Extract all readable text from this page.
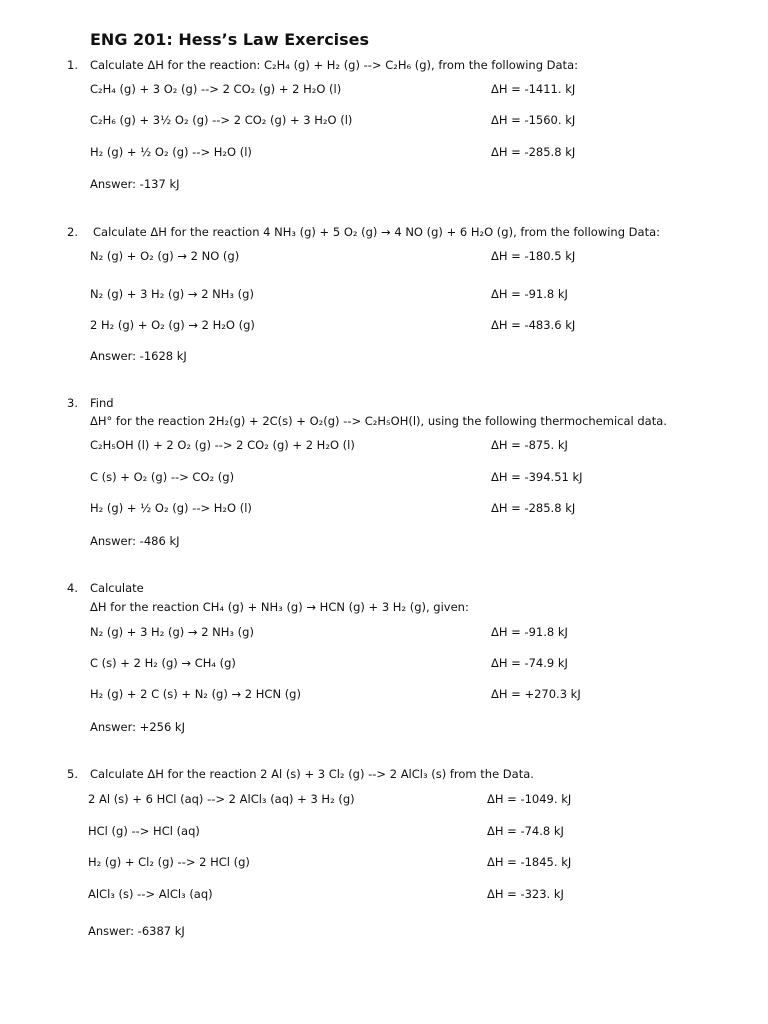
ENG 201: Hess’s Law Exercises
1. Calculate ΔH for the reaction: C₂H₄ (g) + H₂ (g) --> C₂H₆ (g), from the following Data:
C₂H₄ (g) + 3 O₂ (g) --> 2 CO₂ (g) + 2 H₂O (l)	ΔH = -1411. kJ
C₂H₆ (g) + 3½ O₂ (g) --> 2 CO₂ (g) + 3 H₂O (l)	ΔH = -1560. kJ
H₂ (g) + ½ O₂ (g) --> H₂O (l)	ΔH = -285.8 kJ
Answer: -137 kJ
2. Calculate ΔH for the reaction 4 NH₃ (g) + 5 O₂ (g) → 4 NO (g) + 6 H₂O (g), from the following Data:
N₂ (g) + O₂ (g) → 2 NO (g)	ΔH = -180.5 kJ
N₂ (g) + 3 H₂ (g) → 2 NH₃ (g)	ΔH = -91.8 kJ
2 H₂ (g) + O₂ (g) → 2 H₂O (g)	ΔH = -483.6 kJ
Answer: -1628 kJ
3. Find
ΔH° for the reaction 2H₂(g) + 2C(s) + O₂(g) --> C₂H₅OH(l), using the following thermochemical data.
C₂H₅OH (l) + 2 O₂ (g) --> 2 CO₂ (g) + 2 H₂O (l)	ΔH = -875. kJ
C (s) + O₂ (g) --> CO₂ (g)	ΔH = -394.51 kJ
H₂ (g) + ½ O₂ (g) --> H₂O (l)	ΔH = -285.8 kJ
Answer: -486 kJ
4. Calculate
ΔH for the reaction CH₄ (g) + NH₃ (g) → HCN (g) + 3 H₂ (g), given:
N₂ (g) + 3 H₂ (g) → 2 NH₃ (g)	ΔH = -91.8 kJ
C (s) + 2 H₂ (g) → CH₄ (g)	ΔH = -74.9 kJ
H₂ (g) + 2 C (s) + N₂ (g) → 2 HCN (g)	ΔH = +270.3 kJ
Answer: +256 kJ
5. Calculate ΔH for the reaction 2 Al (s) + 3 Cl₂ (g) --> 2 AlCl₃ (s) from the Data.
2 Al (s) + 6 HCl (aq) --> 2 AlCl₃ (aq) + 3 H₂ (g)	ΔH = -1049. kJ
HCl (g) --> HCl (aq)	ΔH = -74.8 kJ
H₂ (g) + Cl₂ (g) --> 2 HCl (g)	ΔH = -1845. kJ
AlCl₃ (s) --> AlCl₃ (aq)	ΔH = -323. kJ
Answer: -6387 kJ
